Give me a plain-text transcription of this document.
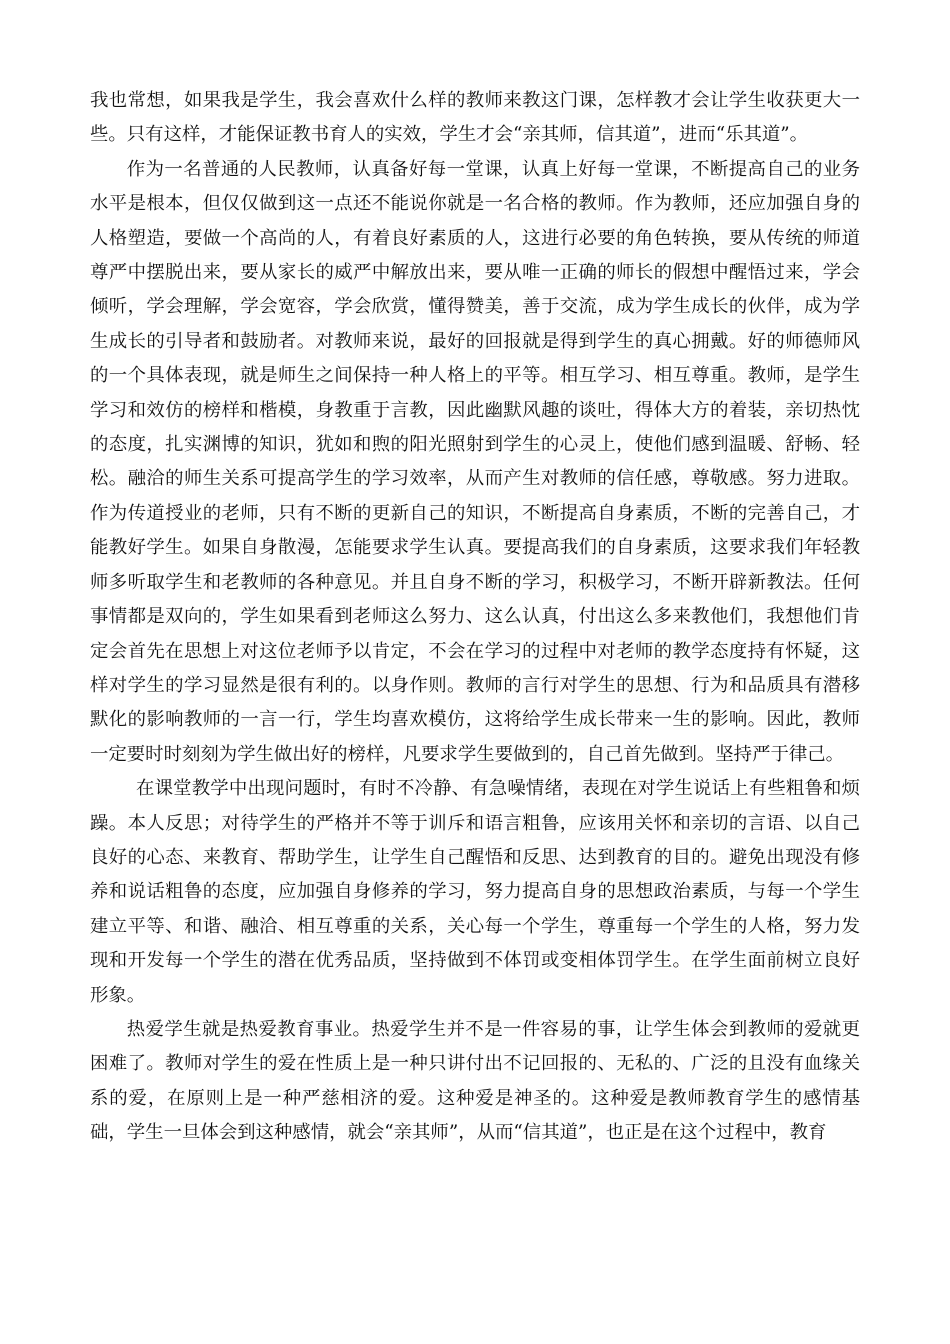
我也常想，如果我是学生，我会喜欢什么样的教师来教这门课，怎样教才会让学生收获更大一些。只有这样，才能保证教书育人的实效，学生才会“亲其师，信其道”，进而“乐其道”。

作为一名普通的人民教师，认真备好每一堂课，认真上好每一堂课，不断提高自己的业务水平是根本，但仅仅做到这一点还不能说你就是一名合格的教师。作为教师，还应加强自身的人格塑造，要做一个高尚的人，有着良好素质的人，这进行必要的角色转换，要从传统的师道尊严中摆脱出来，要从家长的威严中解放出来，要从唯一正确的师长的假想中醒悟过来，学会倾听，学会理解，学会宽容，学会欣赏，懂得赞美，善于交流，成为学生成长的伙伴，成为学生成长的引导者和鼓励者。对教师来说，最好的回报就是得到学生的真心拥戴。好的师德师风的一个具体表现，就是师生之间保持一种人格上的平等。相互学习、相互尊重。教师，是学生学习和效仿的榜样和楷模，身教重于言教，因此幽默风趣的谈吐，得体大方的着装，亲切热忱的态度，扎实渊博的知识，犹如和煦的阳光照射到学生的心灵上，使他们感到温暖、舒畅、轻松。融洽的师生关系可提高学生的学习效率，从而产生对教师的信任感，尊敬感。努力进取。作为传道授业的老师，只有不断的更新自己的知识，不断提高自身素质，不断的完善自己，才能教好学生。如果自身散漫，怎能要求学生认真。要提高我们的自身素质，这要求我们年轻教师多听取学生和老教师的各种意见。并且自身不断的学习，积极学习，不断开辟新教法。任何事情都是双向的，学生如果看到老师这么努力、这么认真，付出这么多来教他们，我想他们肯定会首先在思想上对这位老师予以肯定，不会在学习的过程中对老师的教学态度持有怀疑，这样对学生的学习显然是很有利的。以身作则。教师的言行对学生的思想、行为和品质具有潜移默化的影响教师的一言一行，学生均喜欢模仿，这将给学生成长带来一生的影响。因此，教师一定要时时刻刻为学生做出好的榜样，凡要求学生要做到的，自己首先做到。坚持严于律己。

在课堂教学中出现问题时，有时不冷静、有急噪情绪，表现在对学生说话上有些粗鲁和烦躁。本人反思；对待学生的严格并不等于训斥和语言粗鲁，应该用关怀和亲切的言语、以自己良好的心态、来教育、帮助学生，让学生自己醒悟和反思、达到教育的目的。避免出现没有修养和说话粗鲁的态度，应加强自身修养的学习，努力提高自身的思想政治素质，与每一个学生建立平等、和谐、融洽、相互尊重的关系，关心每一个学生，尊重每一个学生的人格，努力发现和开发每一个学生的潜在优秀品质，坚持做到不体罚或变相体罚学生。在学生面前树立良好形象。

热爱学生就是热爱教育事业。热爱学生并不是一件容易的事，让学生体会到教师的爱就更困难了。教师对学生的爱在性质上是一种只讲付出不记回报的、无私的、广泛的且没有血缘关系的爱，在原则上是一种严慈相济的爱。这种爱是神圣的。这种爱是教师教育学生的感情基础，学生一旦体会到这种感情，就会“亲其师”，从而“信其道”，也正是在这个过程中，教育
